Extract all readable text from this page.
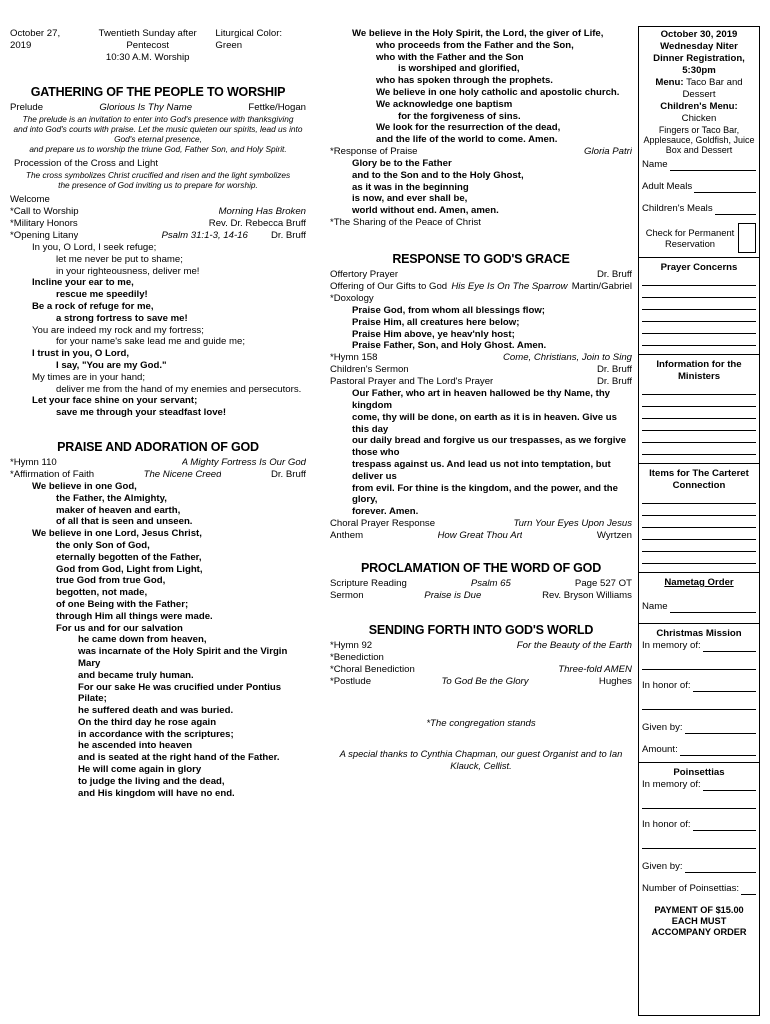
October 27, 2019
Twentieth Sunday after Pentecost
10:30 A.M. Worship
Liturgical Color: Green
GATHERING OF THE PEOPLE TO WORSHIP
Prelude	Glorious Is Thy Name	Fettke/Hogan
The prelude is an invitation to enter into God's presence with thanksgiving
and into God's courts with praise. Let the music quieten our spirits, lead us into God's eternal presence,
and prepare us to worship the triune God, Father Son, and Holy Spirit.
Procession of the Cross and Light
The cross symbolizes Christ crucified and risen and the light symbolizes
the presence of God inviting us to prepare for worship.
Welcome
*Call to Worship	Morning Has Broken
*Military Honors	Rev. Dr. Rebecca Bruff
*Opening Litany	Psalm 31:1-3, 14-16 Dr. Bruff
In you, O Lord, I seek refuge;
let me never be put to shame;
in your righteousness, deliver me!
Incline your ear to me,
rescue me speedily!
Be a rock of refuge for me,
a strong fortress to save me!
You are indeed my rock and my fortress;
for your name's sake lead me and guide me;
I trust in you, O Lord,
I say, "You are my God."
My times are in your hand;
deliver me from the hand of my enemies and persecutors.
Let your face shine on your servant;
save me through your steadfast love!
PRAISE AND ADORATION OF GOD
*Hymn 110	A Mighty Fortress Is Our God
*Affirmation of Faith	The Nicene Creed	Dr. Bruff
We believe in one God,
the Father, the Almighty,
maker of heaven and earth,
of all that is seen and unseen.
We believe in one Lord, Jesus Christ,
the only Son of God,
eternally begotten of the Father,
God from God, Light from Light,
true God from true God,
begotten, not made,
of one Being with the Father;
through Him all things were made.
For us and for our salvation
he came down from heaven,
was incarnate of the Holy Spirit and the Virgin Mary
and became truly human.
For our sake He was crucified under Pontius Pilate;
he suffered death and was buried.
On the third day he rose again
in accordance with the scriptures;
he ascended into heaven
and is seated at the right hand of the Father.
He will come again in glory
to judge the living and the dead,
and His kingdom will have no end.
We believe in the Holy Spirit, the Lord, the giver of Life,
who proceeds from the Father and the Son,
who with the Father and the Son
is worshiped and glorified,
who has spoken through the prophets.
We believe in one holy catholic and apostolic church.
We acknowledge one baptism
for the forgiveness of sins.
We look for the resurrection of the dead,
and the life of the world to come. Amen.
*Response of Praise	Gloria Patri
Glory be to the Father
and to the Son and to the Holy Ghost,
as it was in the beginning
is now, and ever shall be,
world without end. Amen, amen.
*The Sharing of the Peace of Christ
RESPONSE TO GOD'S GRACE
Offertory Prayer	Dr. Bruff
Offering of Our Gifts to God His Eye Is On The Sparrow Martin/Gabriel
*Doxology
Praise God, from whom all blessings flow;
Praise Him, all creatures here below;
Praise Him above, ye heav'nly host;
Praise Father, Son, and Holy Ghost. Amen.
*Hymn 158	Come, Christians, Join to Sing
Children's Sermon	Dr. Bruff
Pastoral Prayer and The Lord's Prayer	Dr. Bruff
Our Father, who art in heaven hallowed be thy Name, thy kingdom
come, thy will be done, on earth as it is in heaven. Give us this day
our daily bread and forgive us our trespasses, as we forgive those who
trespass against us. And lead us not into temptation, but deliver us
from evil. For thine is the kingdom, and the power, and the glory,
forever. Amen.
Choral Prayer Response	Turn Your Eyes Upon Jesus
Anthem	How Great Thou Art	Wyrtzen
PROCLAMATION OF THE WORD OF GOD
Scripture Reading	Psalm 65	Page 527 OT
Sermon	Praise is Due	Rev. Bryson Williams
SENDING FORTH INTO GOD'S WORLD
*Hymn 92	For the Beauty of the Earth
*Benediction
*Choral Benediction	Three-fold AMEN
*Postlude	To God Be the Glory	Hughes
*The congregation stands
A special thanks to Cynthia Chapman, our guest Organist and to Ian Klauck, Cellist.
October 30, 2019
Wednesday Niter
Dinner Registration, 5:30pm
Menu: Taco Bar and Dessert
Children's Menu: Chicken
Fingers or Taco Bar, Applesauce, Goldfish, Juice Box and Dessert
Name
Adult Meals
Children's Meals
Check for Permanent Reservation
Prayer Concerns
Information for the Ministers
Items for The Carteret Connection
Nametag Order
Name
Christmas Mission
In memory of:
In honor of:
Given by:
Amount:
Poinsettias
In memory of:
In honor of:
Given by:
Number of Poinsettias:
PAYMENT OF $15.00 EACH MUST ACCOMPANY ORDER
